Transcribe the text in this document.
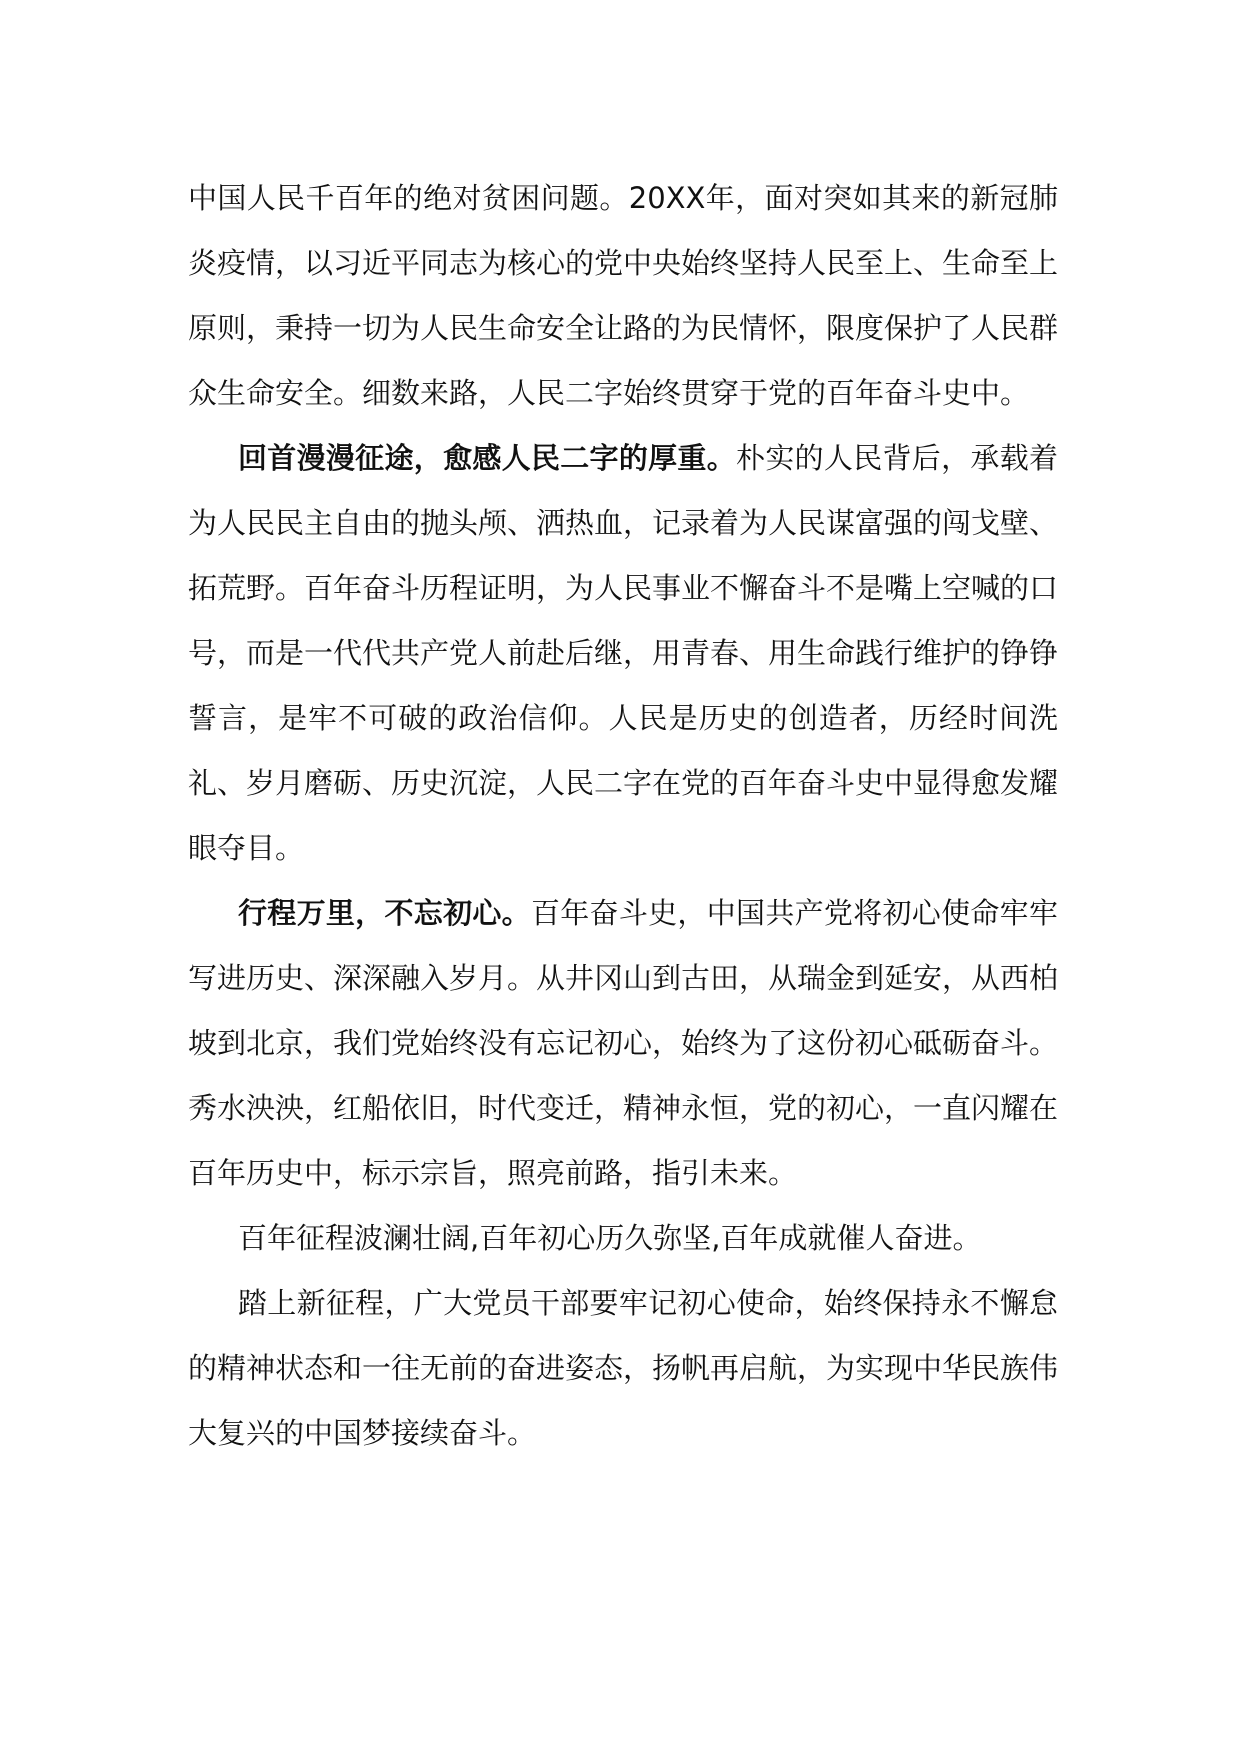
中国人民千百年的绝对贫困问题。20XX年，面对突如其来的新冠肺炎疫情，以习近平同志为核心的党中央始终坚持人民至上、生命至上原则，秉持一切为人民生命安全让路的为民情怀，限度保护了人民群众生命安全。细数来路，人民二字始终贯穿于党的百年奋斗史中。

回首漫漫征途，愈感人民二字的厚重。朴实的人民背后，承载着为人民民主自由的抛头颅、洒热血，记录着为人民谋富强的闯戈壁、拓荒野。百年奋斗历程证明，为人民事业不懈奋斗不是嘴上空喊的口号，而是一代代共产党人前赴后继，用青春、用生命践行维护的铮铮誓言，是牢不可破的政治信仰。人民是历史的创造者，历经时间洗礼、岁月磨砺、历史沉淀，人民二字在党的百年奋斗史中显得愈发耀眼夺目。

行程万里，不忘初心。百年奋斗史，中国共产党将初心使命牢牢写进历史、深深融入岁月。从井冈山到古田，从瑞金到延安，从西柏坡到北京，我们党始终没有忘记初心，始终为了这份初心砥砺奋斗。秀水泱泱，红船依旧，时代变迁，精神永恒，党的初心，一直闪耀在百年历史中，标示宗旨，照亮前路，指引未来。

百年征程波澜壮阔,百年初心历久弥坚,百年成就催人奋进。

踏上新征程，广大党员干部要牢记初心使命，始终保持永不懈怠的精神状态和一往无前的奋进姿态，扬帆再启航，为实现中华民族伟大复兴的中国梦接续奋斗。
